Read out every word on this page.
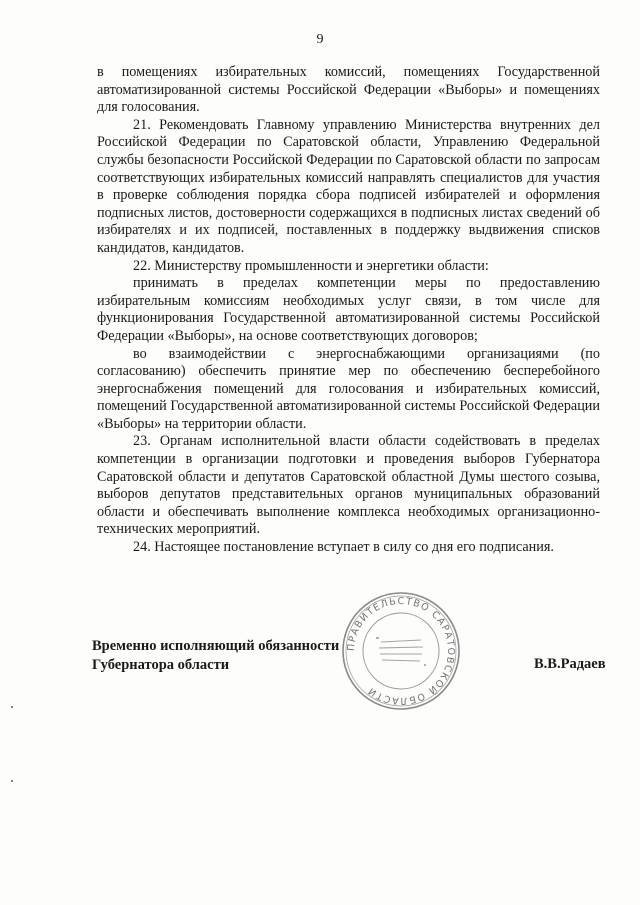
9

в помещениях избирательных комиссий, помещениях Государственной автоматизированной системы Российской Федерации «Выборы» и помещениях для голосования.

21. Рекомендовать Главному управлению Министерства внутренних дел Российской Федерации по Саратовской области, Управлению Федеральной службы безопасности Российской Федерации по Саратовской области по запросам соответствующих избирательных комиссий направлять специалистов для участия в проверке соблюдения порядка сбора подписей избирателей и оформления подписных листов, достоверности содержащихся в подписных листах сведений об избирателях и их подписей, поставленных в поддержку выдвижения списков кандидатов, кандидатов.

22. Министерству промышленности и энергетики области:

принимать в пределах компетенции меры по предоставлению избирательным комиссиям необходимых услуг связи, в том числе для функционирования Государственной автоматизированной системы Российской Федерации «Выборы», на основе соответствующих договоров;

во взаимодействии с энергоснабжающими организациями (по согласованию) обеспечить принятие мер по обеспечению бесперебойного энергоснабжения помещений для голосования и избирательных комиссий, помещений Государственной автоматизированной системы Российской Федерации «Выборы» на территории области.

23. Органам исполнительной власти области содействовать в пределах компетенции в организации подготовки и проведения выборов Губернатора Саратовской области и депутатов Саратовской областной Думы шестого созыва, выборов депутатов представительных органов муниципальных образований области и обеспечивать выполнение комплекса необходимых организационно-технических мероприятий.

24. Настоящее постановление вступает в силу со дня его подписания.

ПРАВИТЕЛЬСТВО САРАТОВСКОЙ ОБЛАСТИ
Временно исполняющий обязанности
Губернатора области	В.В.Радаев
